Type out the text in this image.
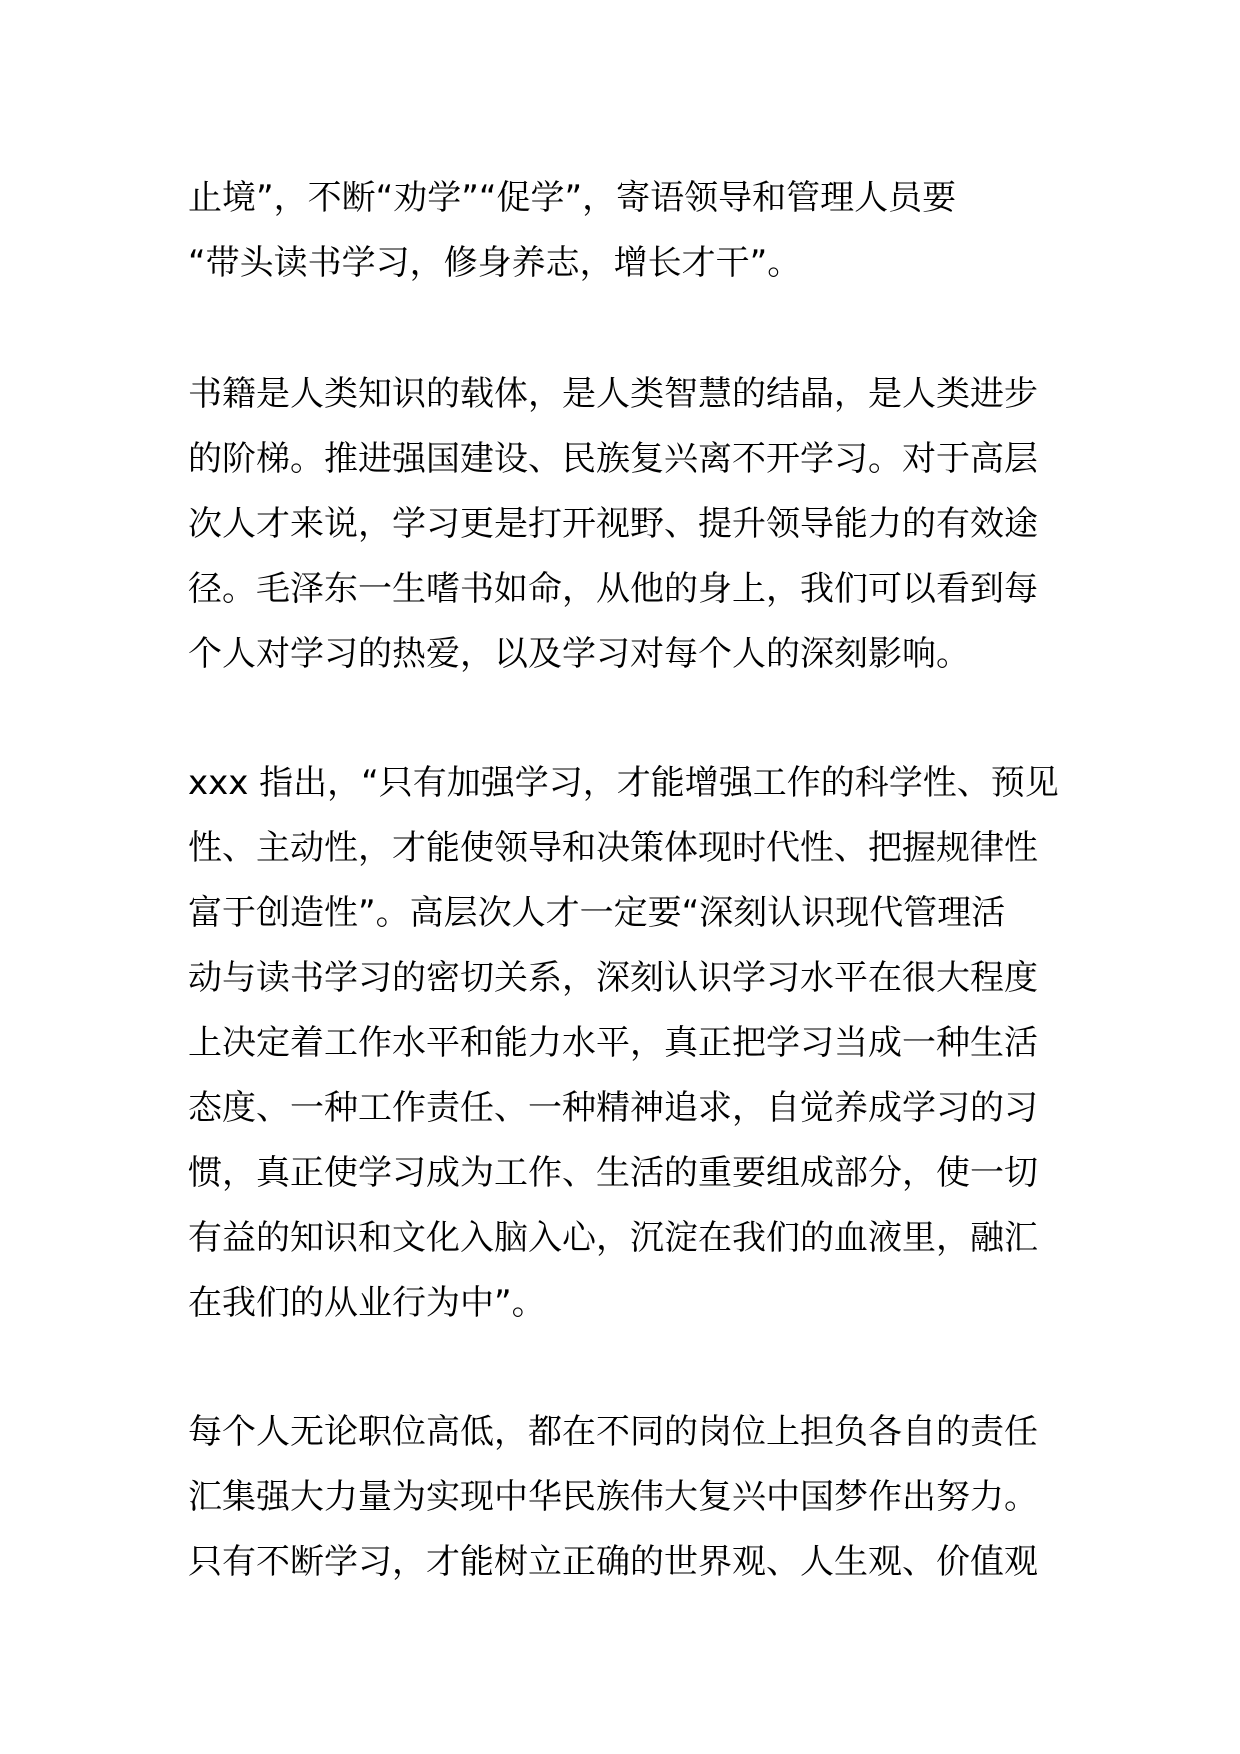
止境”，不断“劝学”“促学”，寄语领导和管理人员要
“带头读书学习，修身养志，增长才干”。
书籍是人类知识的载体，是人类智慧的结晶，是人类进步
的阶梯。推进强国建设、民族复兴离不开学习。对于高层
次人才来说，学习更是打开视野、提升领导能力的有效途
径。毛泽东一生嗜书如命，从他的身上，我们可以看到每
个人对学习的热爱，以及学习对每个人的深刻影响。
xxx 指出，“只有加强学习，才能增强工作的科学性、预见
性、主动性，才能使领导和决策体现时代性、把握规律性
富于创造性”。高层次人才一定要“深刻认识现代管理活
动与读书学习的密切关系，深刻认识学习水平在很大程度
上决定着工作水平和能力水平，真正把学习当成一种生活
态度、一种工作责任、一种精神追求，自觉养成学习的习
惯，真正使学习成为工作、生活的重要组成部分，使一切
有益的知识和文化入脑入心，沉淀在我们的血液里，融汇
在我们的从业行为中”。
每个人无论职位高低，都在不同的岗位上担负各自的责任
汇集强大力量为实现中华民族伟大复兴中国梦作出努力。
只有不断学习，才能树立正确的世界观、人生观、价值观
